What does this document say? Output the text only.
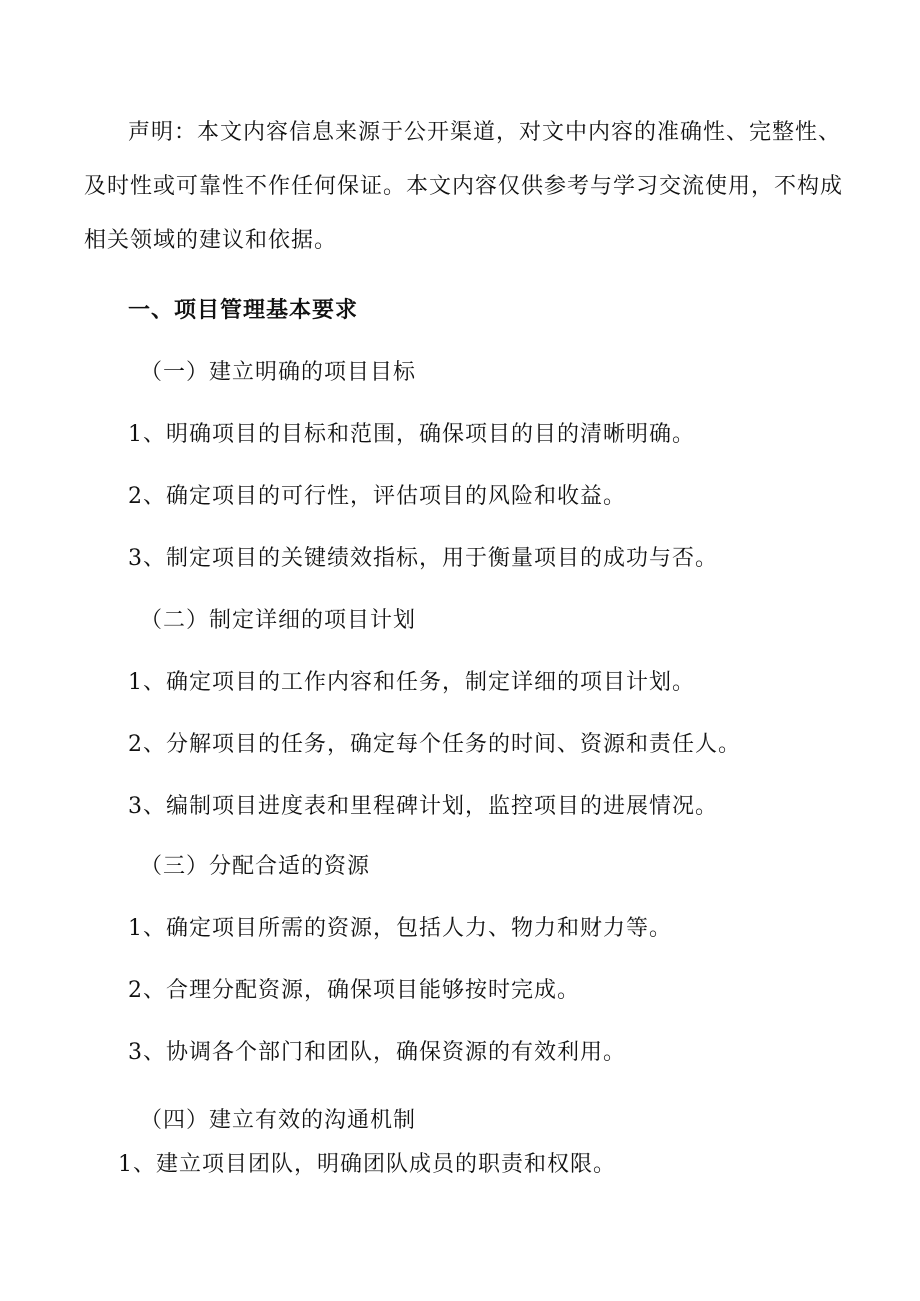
声明：本文内容信息来源于公开渠道，对文中内容的准确性、完整性、
及时性或可靠性不作任何保证。本文内容仅供参考与学习交流使用，不构成
相关领域的建议和依据。
一、项目管理基本要求
（一）建立明确的项目目标
1、明确项目的目标和范围，确保项目的目的清晰明确。
2、确定项目的可行性，评估项目的风险和收益。
3、制定项目的关键绩效指标，用于衡量项目的成功与否。
（二）制定详细的项目计划
1、确定项目的工作内容和任务，制定详细的项目计划。
2、分解项目的任务，确定每个任务的时间、资源和责任人。
3、编制项目进度表和里程碑计划，监控项目的进展情况。
（三）分配合适的资源
1、确定项目所需的资源，包括人力、物力和财力等。
2、合理分配资源，确保项目能够按时完成。
3、协调各个部门和团队，确保资源的有效利用。
（四）建立有效的沟通机制
1、建立项目团队，明确团队成员的职责和权限。
